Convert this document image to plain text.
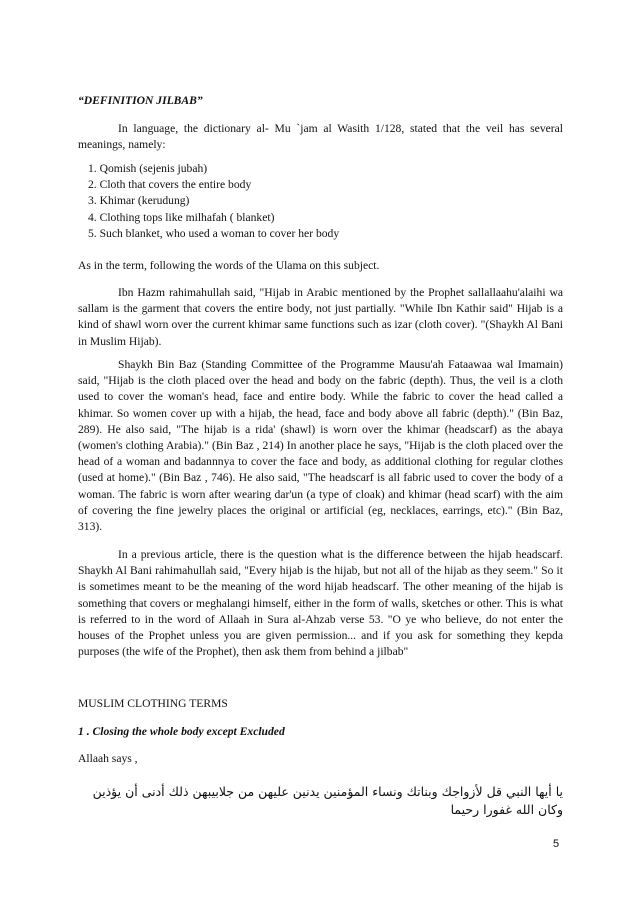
“DEFINITION JILBAB”

In language, the dictionary al- Mu `jam al Wasith 1/128, stated that the veil has several meanings, namely:

1. Qomish (sejenis jubah)
2. Cloth that covers the entire body
3. Khimar (kerudung)
4. Clothing tops like milhafah ( blanket)
5. Such blanket, who used a woman to cover her body
As in the term, following the words of the Ulama on this subject.

Ibn Hazm rahimahullah said, "Hijab in Arabic mentioned by the Prophet sallallaahu'alaihi wa sallam is the garment that covers the entire body, not just partially. "While Ibn Kathir said" Hijab is a kind of shawl worn over the current khimar same functions such as izar (cloth cover). "(Shaykh Al Bani in Muslim Hijab).

Shaykh Bin Baz (Standing Committee of the Programme Mausu'ah Fataawaa wal Imamain) said, "Hijab is the cloth placed over the head and body on the fabric (depth). Thus, the veil is a cloth used to cover the woman's head, face and entire body. While the fabric to cover the head called a khimar. So women cover up with a hijab, the head, face and body above all fabric (depth)." (Bin Baz, 289). He also said, "The hijab is a rida' (shawl) is worn over the khimar (headscarf) as the abaya (women's clothing Arabia)." (Bin Baz , 214) In another place he says, "Hijab is the cloth placed over the head of a woman and badannnya to cover the face and body, as additional clothing for regular clothes (used at home)." (Bin Baz , 746). He also said, "The headscarf is all fabric used to cover the body of a woman. The fabric is worn after wearing dar'un (a type of cloak) and khimar (head scarf) with the aim of covering the fine jewelry places the original or artificial (eg, necklaces, earrings, etc)." (Bin Baz, 313).

In a previous article, there is the question what is the difference between the hijab headscarf. Shaykh Al Bani rahimahullah said, "Every hijab is the hijab, but not all of the hijab as they seem." So it is sometimes meant to be the meaning of the word hijab headscarf. The other meaning of the hijab is something that covers or meghalangi himself, either in the form of walls, sketches or other. This is what is referred to in the word of Allaah in Sura al-Ahzab verse 53. "O ye who believe, do not enter the houses of the Prophet unless you are given permission... and if you ask for something they kepda purposes (the wife of the Prophet), then ask them from behind a jilbab"

MUSLIM CLOTHING TERMS
1 . Closing the whole body except Excluded
Allaah says ,
يا أيها النبي قل لأزواجك وبناتك ونساء المؤمنين يدنين عليهن من جلابيبهن ذلك أدنى أن يؤذين وكان الله غفورا رحيما
5
